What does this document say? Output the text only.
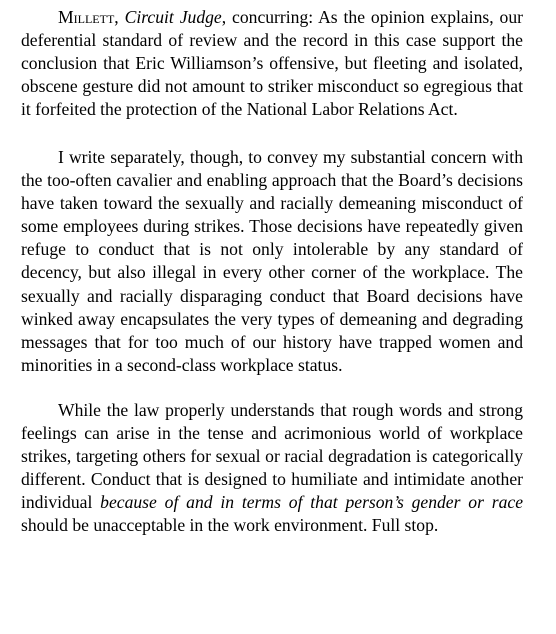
Millett, Circuit Judge, concurring: As the opinion explains, our deferential standard of review and the record in this case support the conclusion that Eric Williamson’s offensive, but fleeting and isolated, obscene gesture did not amount to striker misconduct so egregious that it forfeited the protection of the National Labor Relations Act.

I write separately, though, to convey my substantial concern with the too-often cavalier and enabling approach that the Board’s decisions have taken toward the sexually and racially demeaning misconduct of some employees during strikes. Those decisions have repeatedly given refuge to conduct that is not only intolerable by any standard of decency, but also illegal in every other corner of the workplace. The sexually and racially disparaging conduct that Board decisions have winked away encapsulates the very types of demeaning and degrading messages that for too much of our history have trapped women and minorities in a second-class workplace status.

While the law properly understands that rough words and strong feelings can arise in the tense and acrimonious world of workplace strikes, targeting others for sexual or racial degradation is categorically different. Conduct that is designed to humiliate and intimidate another individual because of and in terms of that person’s gender or race should be unacceptable in the work environment. Full stop.
